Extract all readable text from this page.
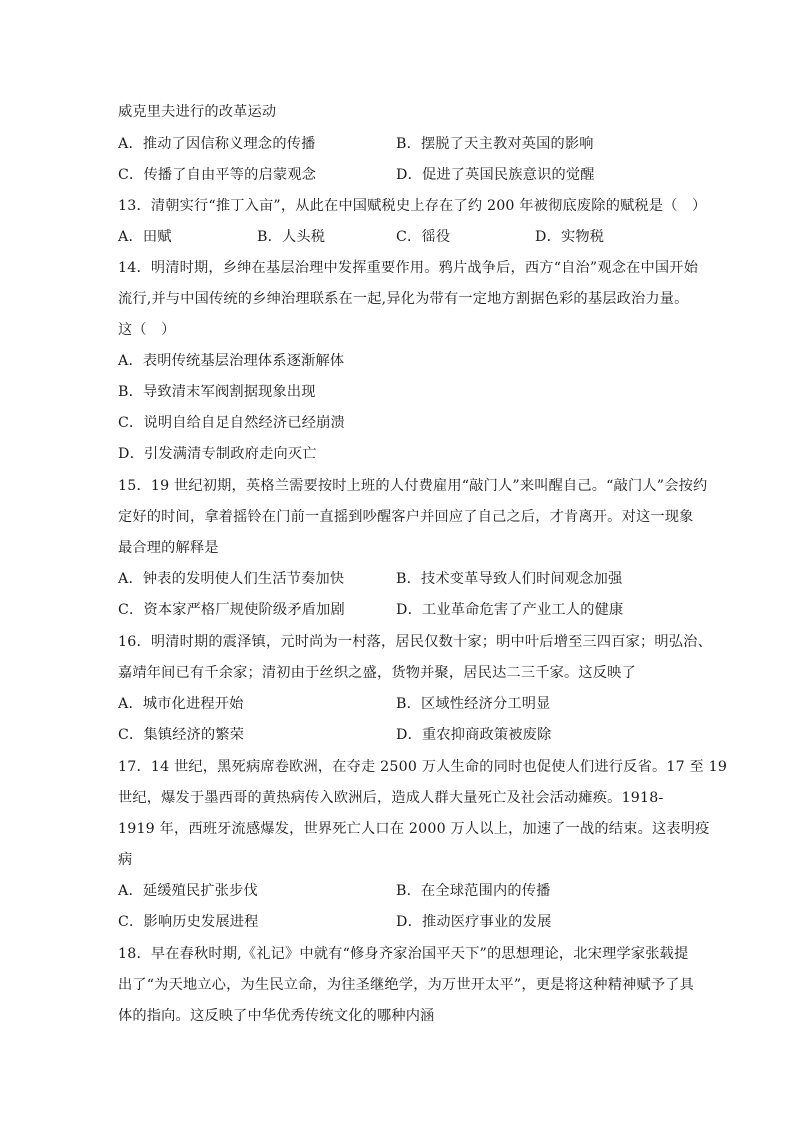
威克里夫进行的改革运动
A．推动了因信称义理念的传播	B．摆脱了天主教对英国的影响
C．传播了自由平等的启蒙观念	D．促进了英国民族意识的觉醒
13．清朝实行“推丁入亩”，从此在中国赋税史上存在了约 200 年被彻底废除的赋税是（　）
A．田赋	B．人头税	C．徭役	D．实物税
14．明清时期，乡绅在基层治理中发挥重要作用。鸦片战争后，西方“自治”观念在中国开始
流行,并与中国传统的乡绅治理联系在一起,异化为带有一定地方割据色彩的基层政治力量。
这（　）
A．表明传统基层治理体系逐渐解体
B．导致清末军阀割据现象出现
C．说明自给自足自然经济已经崩溃
D．引发满清专制政府走向灭亡
15．19 世纪初期，英格兰需要按时上班的人付费雇用“敲门人”来叫醒自己。“敲门人”会按约
定好的时间，拿着摇铃在门前一直摇到吵醒客户并回应了自己之后，才肯离开。对这一现象
最合理的解释是
A．钟表的发明使人们生活节奏加快	B．技术变革导致人们时间观念加强
C．资本家严格厂规使阶级矛盾加剧	D．工业革命危害了产业工人的健康
16．明清时期的震泽镇，元时尚为一村落，居民仅数十家；明中叶后增至三四百家；明弘治、
嘉靖年间已有千余家；清初由于丝织之盛，货物并聚，居民达二三千家。这反映了
A．城市化进程开始	B．区域性经济分工明显
C．集镇经济的繁荣	D．重农抑商政策被废除
17．14 世纪，黑死病席卷欧洲，在夺走 2500 万人生命的同时也促使人们进行反省。17 至 19
世纪，爆发于墨西哥的黄热病传入欧洲后，造成人群大量死亡及社会活动瘫痪。1918-
1919 年，西班牙流感爆发，世界死亡人口在 2000 万人以上，加速了一战的结束。这表明疫
病
A．延缓殖民扩张步伐	B．在全球范围内的传播
C．影响历史发展进程	D．推动医疗事业的发展
18．早在春秋时期,《礼记》中就有“修身齐家治国平天下”的思想理论，北宋理学家张载提
出了“为天地立心，为生民立命，为往圣继绝学，为万世开太平”，更是将这种精神赋予了具
体的指向。这反映了中华优秀传统文化的哪种内涵
